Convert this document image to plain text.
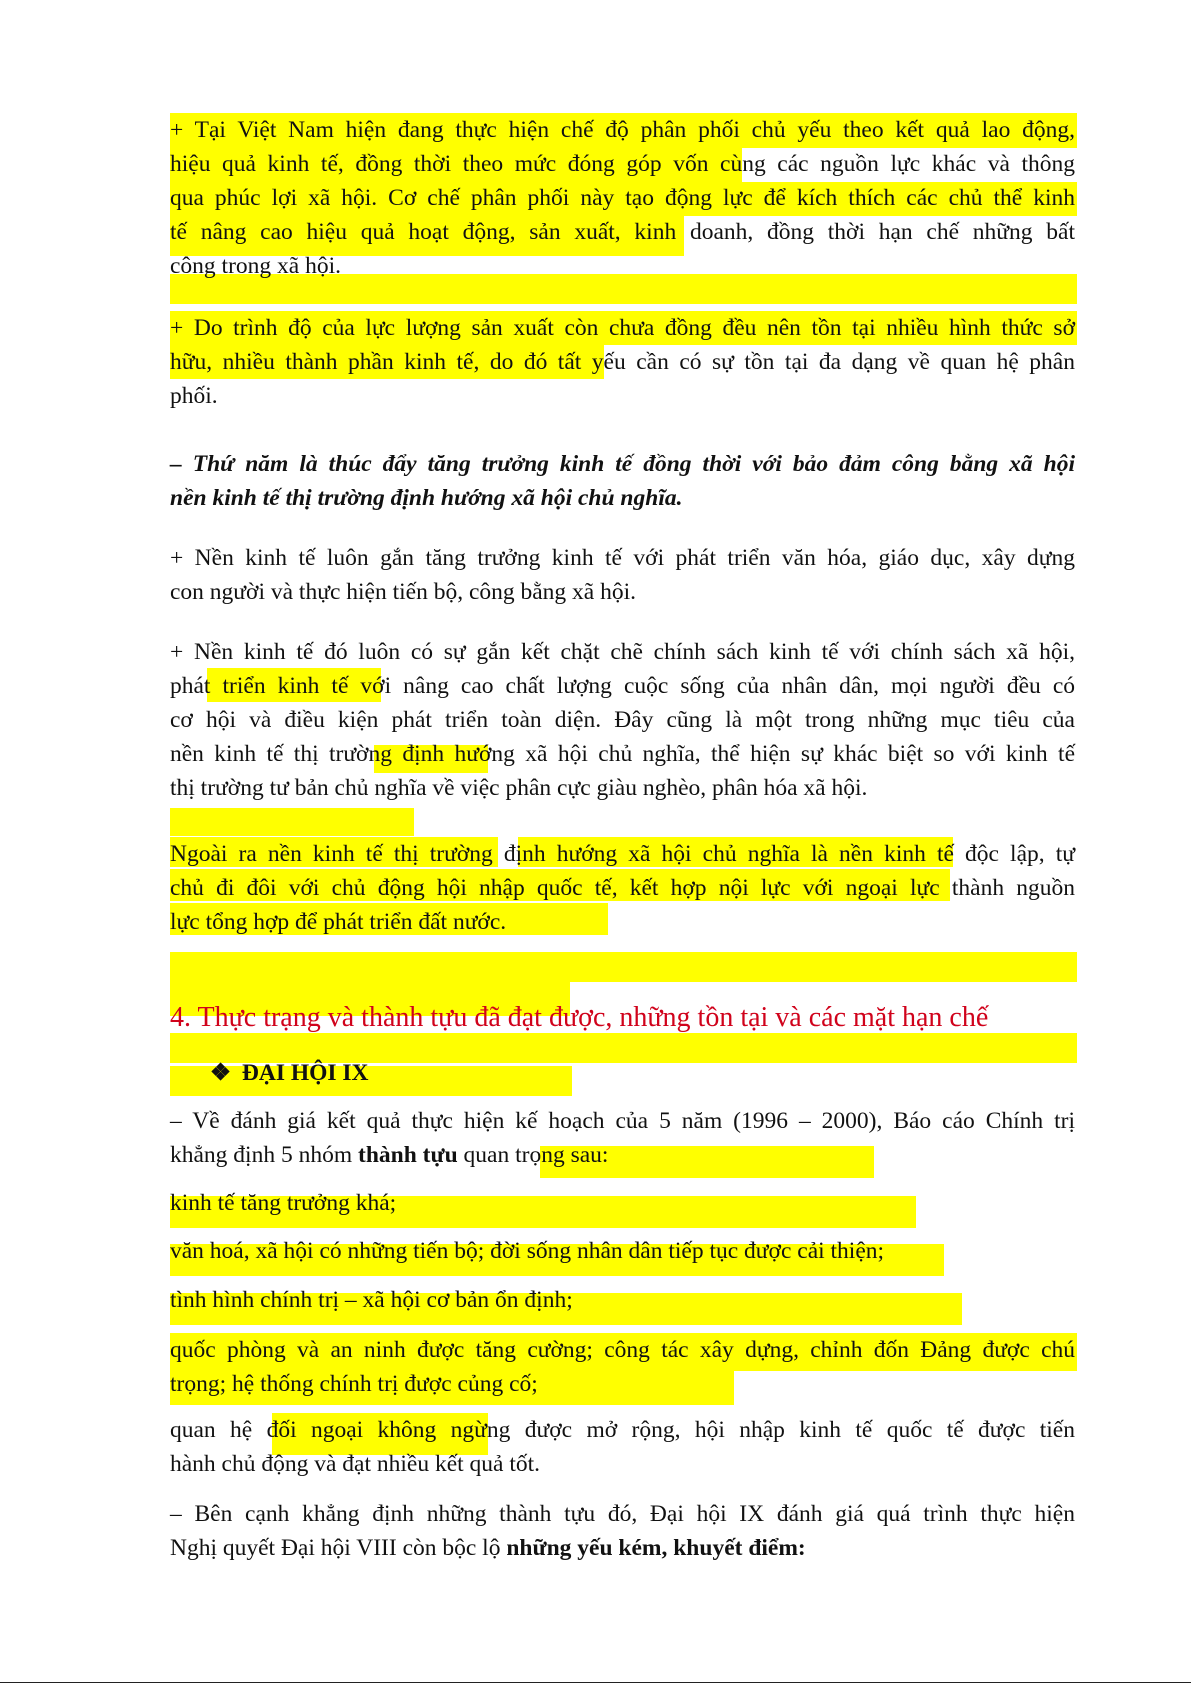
+ Tại Việt Nam hiện đang thực hiện chế độ phân phối chủ yếu theo kết quả lao động,
hiệu quả kinh tế, đồng thời theo mức đóng góp vốn cùng các nguồn lực khác và thông
qua phúc lợi xã hội. Cơ chế phân phối này tạo động lực để kích thích các chủ thể kinh
tế nâng cao hiệu quả hoạt động, sản xuất, kinh doanh, đồng thời hạn chế những bất
công trong xã hội.
+ Do trình độ của lực lượng sản xuất còn chưa đồng đều nên tồn tại nhiều hình thức sở
hữu, nhiều thành phần kinh tế, do đó tất yếu cần có sự tồn tại đa dạng về quan hệ phân
phối.
– Thứ năm là thúc đẩy tăng trưởng kinh tế đồng thời với bảo đảm công bằng xã hội
nền kinh tế thị trường định hướng xã hội chủ nghĩa.
+ Nền kinh tế luôn gắn tăng trưởng kinh tế với phát triển văn hóa, giáo dục, xây dựng
con người và thực hiện tiến bộ, công bằng xã hội.
+ Nền kinh tế đó luôn có sự gắn kết chặt chẽ chính sách kinh tế với chính sách xã hội,
phát triển kinh tế với nâng cao chất lượng cuộc sống của nhân dân, mọi người đều có
cơ hội và điều kiện phát triển toàn diện. Đây cũng là một trong những mục tiêu của
nền kinh tế thị trường định hướng xã hội chủ nghĩa, thể hiện sự khác biệt so với kinh tế
thị trường tư bản chủ nghĩa về việc phân cực giàu nghèo, phân hóa xã hội.
Ngoài ra nền kinh tế thị trường định hướng xã hội chủ nghĩa là nền kinh tế độc lập, tự
chủ đi đôi với chủ động hội nhập quốc tế, kết hợp nội lực với ngoại lực thành nguồn
lực tổng hợp để phát triển đất nước.
4. Thực trạng và thành tựu đã đạt được, những tồn tại và các mặt hạn chế
❖ ĐẠI HỘI IX
– Về đánh giá kết quả thực hiện kế hoạch của 5 năm (1996 – 2000), Báo cáo Chính trị
khẳng định 5 nhóm thành tựu quan trọng sau:
kinh tế tăng trưởng khá;
văn hoá, xã hội có những tiến bộ; đời sống nhân dân tiếp tục được cải thiện;
tình hình chính trị – xã hội cơ bản ổn định;
quốc phòng và an ninh được tăng cường; công tác xây dựng, chỉnh đốn Đảng được chú
trọng; hệ thống chính trị được củng cố;
quan hệ đối ngoại không ngừng được mở rộng, hội nhập kinh tế quốc tế được tiến
hành chủ động và đạt nhiều kết quả tốt.
– Bên cạnh khẳng định những thành tựu đó, Đại hội IX đánh giá quá trình thực hiện
Nghị quyết Đại hội VIII còn bộc lộ những yếu kém, khuyết điểm:
